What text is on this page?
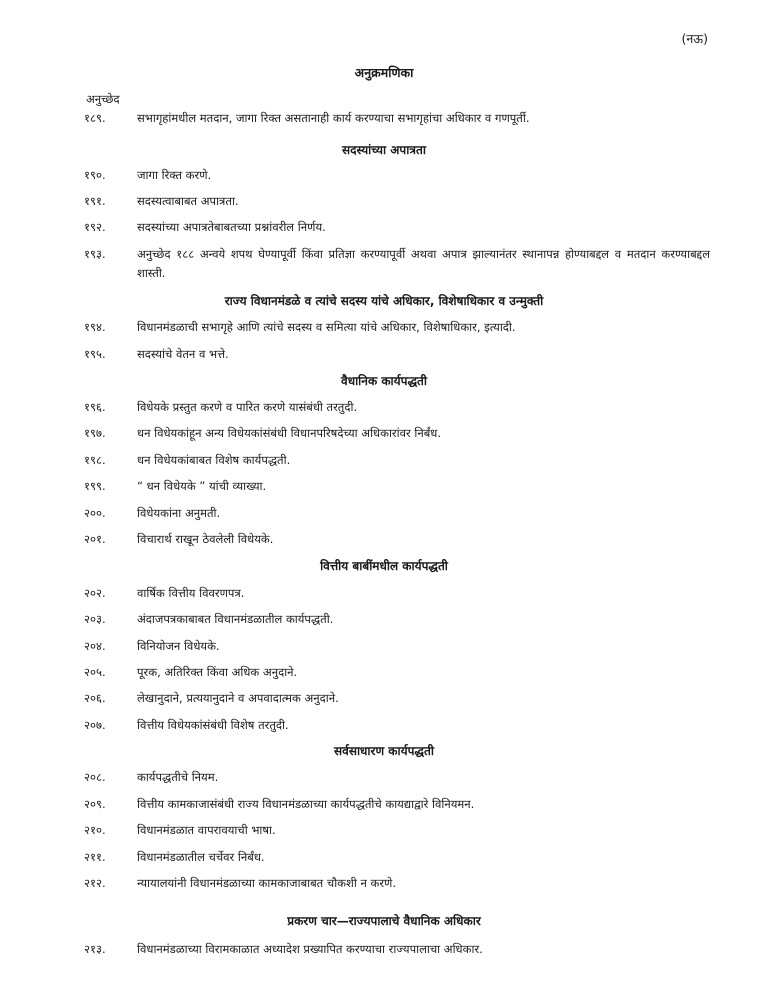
(नऊ)
अनुक्रमणिका
अनुच्छेद
१८९.	सभागृहांमधील मतदान, जागा रिक्त असतानाही कार्य करण्याचा सभागृहांचा अधिकार व गणपूर्ती.
सदस्यांच्या अपात्रता
१९०.	जागा रिक्त करणे.
१९१.	सदस्यत्वाबाबत अपात्रता.
१९२.	सदस्यांच्या अपात्रतेबाबतच्या प्रश्नांवरील निर्णय.
१९३.	अनुच्छेद १८८ अन्वये शपथ घेण्यापूर्वी किंवा प्रतिज्ञा करण्यापूर्वी अथवा अपात्र झाल्यानंतर स्थानापन्न होण्याबद्दल व मतदान करण्याबद्दल शास्ती.
राज्य विधानमंडळे व त्यांचे सदस्य यांचे अधिकार, विशेषाधिकार व उन्मुक्ती
१९४.	विधानमंडळाची सभागृहे आणि त्यांचे सदस्य व समित्या यांचे अधिकार, विशेषाधिकार, इत्यादी.
१९५.	सदस्यांचे वेतन व भत्ते.
वैधानिक कार्यपद्धती
१९६.	विधेयके प्रस्तुत करणे व पारित करणे यासंबंधी तरतुदी.
१९७.	धन विधेयकांहून अन्य विधेयकांसंबंधी विधानपरिषदेच्या अधिकारांवर निर्बंध.
१९८.	धन विधेयकांबाबत विशेष कार्यपद्धती.
१९९.	“ धन विधेयके ” यांची व्याख्या.
२००.	विधेयकांना अनुमती.
२०१.	विचारार्थ राखून ठेवलेली विधेयके.
वित्तीय बाबींमधील कार्यपद्धती
२०२.	वार्षिक वित्तीय विवरणपत्र.
२०३.	अंदाजपत्रकाबाबत विधानमंडळातील कार्यपद्धती.
२०४.	विनियोजन विधेयके.
२०५.	पूरक, अतिरिक्त किंवा अधिक अनुदाने.
२०६.	लेखानुदाने, प्रत्ययानुदाने व अपवादात्मक अनुदाने.
२०७.	वित्तीय विधेयकांसंबंधी विशेष तरतुदी.
सर्वसाधारण कार्यपद्धती
२०८.	कार्यपद्धतीचे नियम.
२०९.	वित्तीय कामकाजासंबंधी राज्य विधानमंडळाच्या कार्यपद्धतीचे कायद्याद्वारे विनियमन.
२१०.	विधानमंडळात वापरावयाची भाषा.
२११.	विधानमंडळातील चर्चेवर निर्बंध.
२१२.	न्यायालयांनी विधानमंडळाच्या कामकाजाबाबत चौकशी न करणे.
प्रकरण चार—राज्यपालाचे वैधानिक अधिकार
२१३.	विधानमंडळाच्या विरामकाळात अध्यादेश प्रख्यापित करण्याचा राज्यपालाचा अधिकार.
